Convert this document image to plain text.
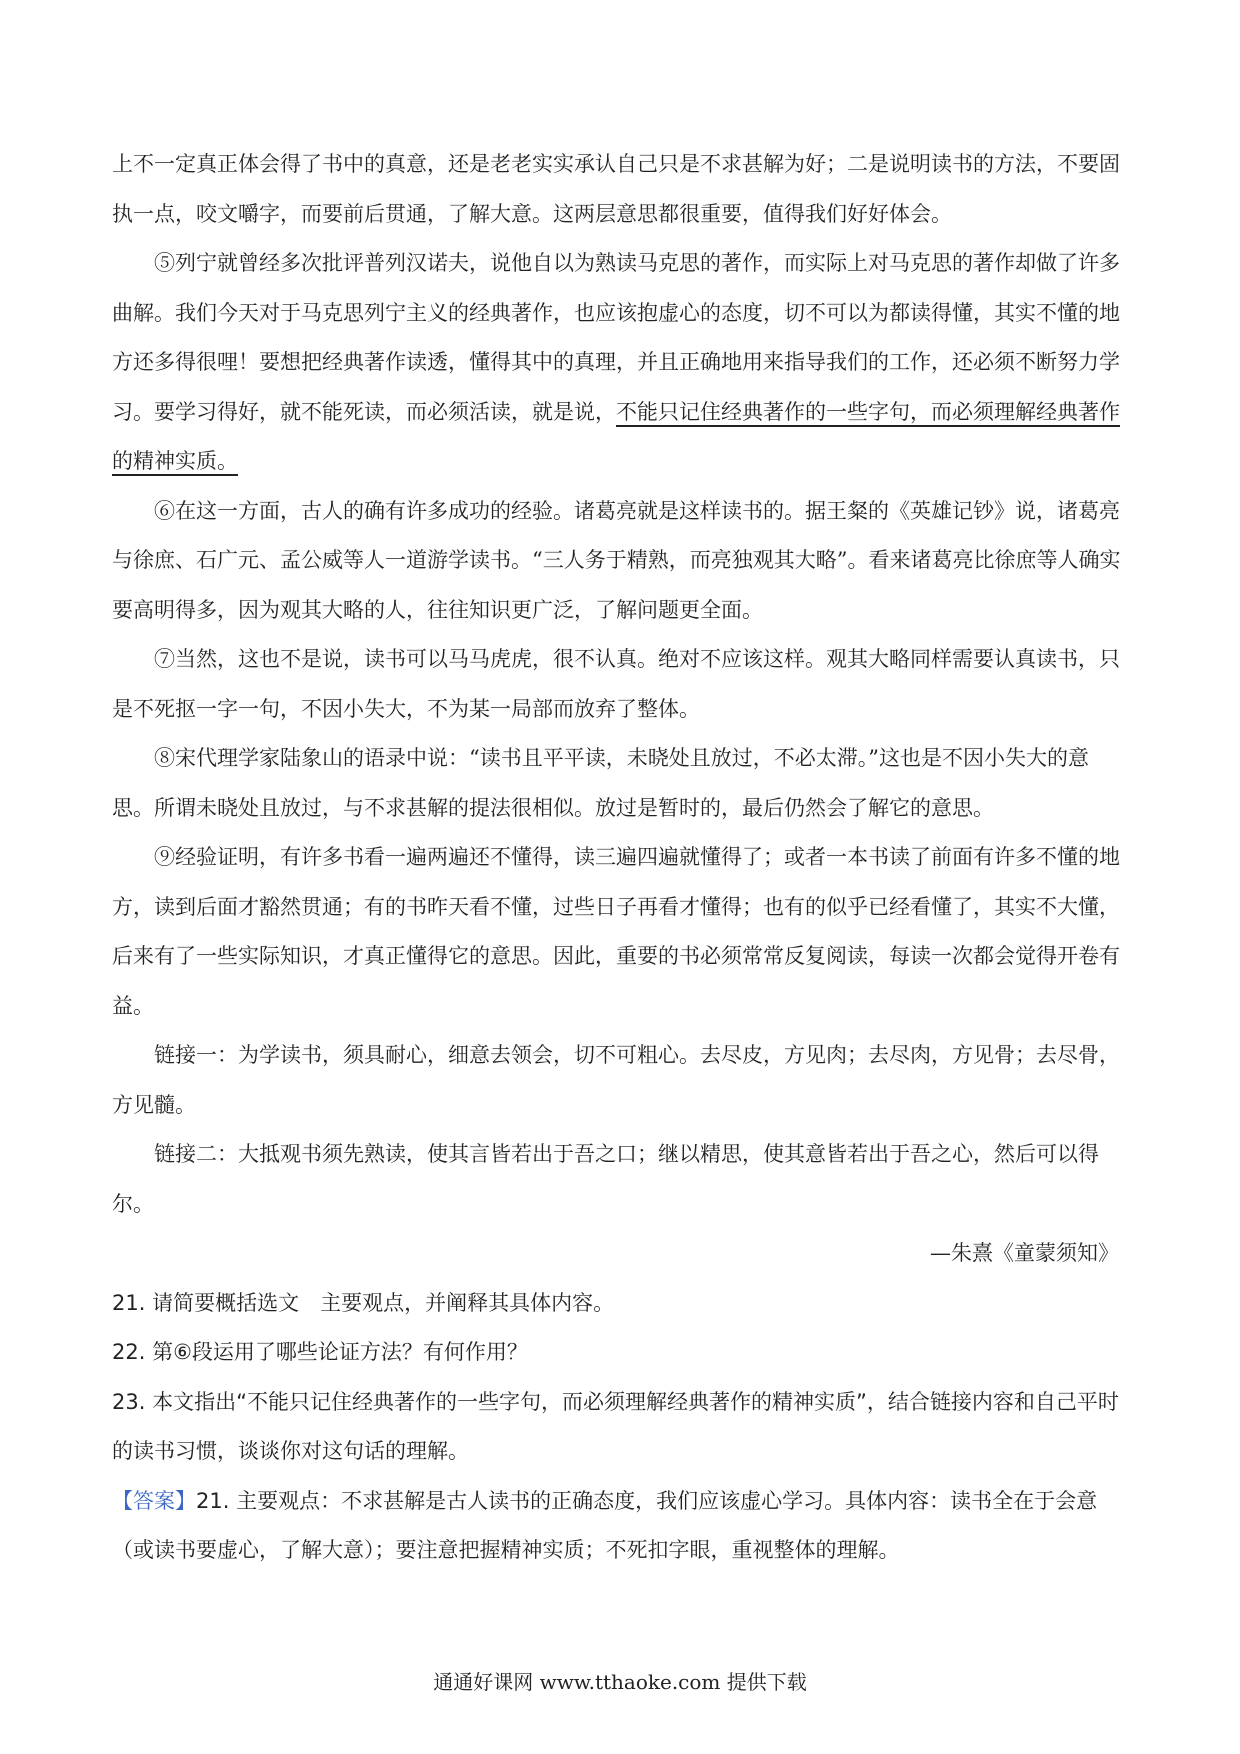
上不一定真正体会得了书中的真意，还是老老实实承认自己只是不求甚解为好；二是说明读书的方法，不要固执一点，咬文嚼字，而要前后贯通，了解大意。这两层意思都很重要，值得我们好好体会。

⑤列宁就曾经多次批评普列汉诺夫，说他自以为熟读马克思的著作，而实际上对马克思的著作却做了许多曲解。我们今天对于马克思列宁主义的经典著作，也应该抱虚心的态度，切不可以为都读得懂，其实不懂的地方还多得很哩！要想把经典著作读透，懂得其中的真理，并且正确地用来指导我们的工作，还必须不断努力学习。要学习得好，就不能死读，而必须活读，就是说，不能只记住经典著作的一些字句，而必须理解经典著作的精神实质。

⑥在这一方面，古人的确有许多成功的经验。诸葛亮就是这样读书的。据王粲的《英雄记钞》说，诸葛亮与徐庶、石广元、孟公威等人一道游学读书。“三人务于精熟，而亮独观其大略”。看来诸葛亮比徐庶等人确实要高明得多，因为观其大略的人，往往知识更广泛，了解问题更全面。

⑦当然，这也不是说，读书可以马马虎虎，很不认真。绝对不应该这样。观其大略同样需要认真读书，只是不死抠一字一句，不因小失大，不为某一局部而放弃了整体。

⑧宋代理学家陆象山的语录中说：“读书且平平读，未晓处且放过，不必太滞。”这也是不因小失大的意思。所谓未晓处且放过，与不求甚解的提法很相似。放过是暂时的，最后仍然会了解它的意思。

⑨经验证明，有许多书看一遍两遍还不懂得，读三遍四遍就懂得了；或者一本书读了前面有许多不懂的地方，读到后面才豁然贯通；有的书昨天看不懂，过些日子再看才懂得；也有的似乎已经看懂了，其实不大懂，后来有了一些实际知识，才真正懂得它的意思。因此，重要的书必须常常反复阅读，每读一次都会觉得开卷有益。

链接一：为学读书，须具耐心，细意去领会，切不可粗心。去尽皮，方见肉；去尽肉，方见骨；去尽骨，方见髓。

链接二：大抵观书须先熟读，使其言皆若出于吾之口；继以精思，使其意皆若出于吾之心，然后可以得尔。

—朱熹《童蒙须知》

21. 请简要概括选文　主要观点，并阐释其具体内容。

22. 第⑥段运用了哪些论证方法？有何作用？

23. 本文指出“不能只记住经典著作的一些字句，而必须理解经典著作的精神实质”，结合链接内容和自己平时的读书习惯，谈谈你对这句话的理解。

【答案】21. 主要观点：不求甚解是古人读书的正确态度，我们应该虚心学习。具体内容：读书全在于会意（或读书要虚心，了解大意）；要注意把握精神实质；不死扣字眼，重视整体的理解。

通通好课网 www.tthaoke.com 提供下载
